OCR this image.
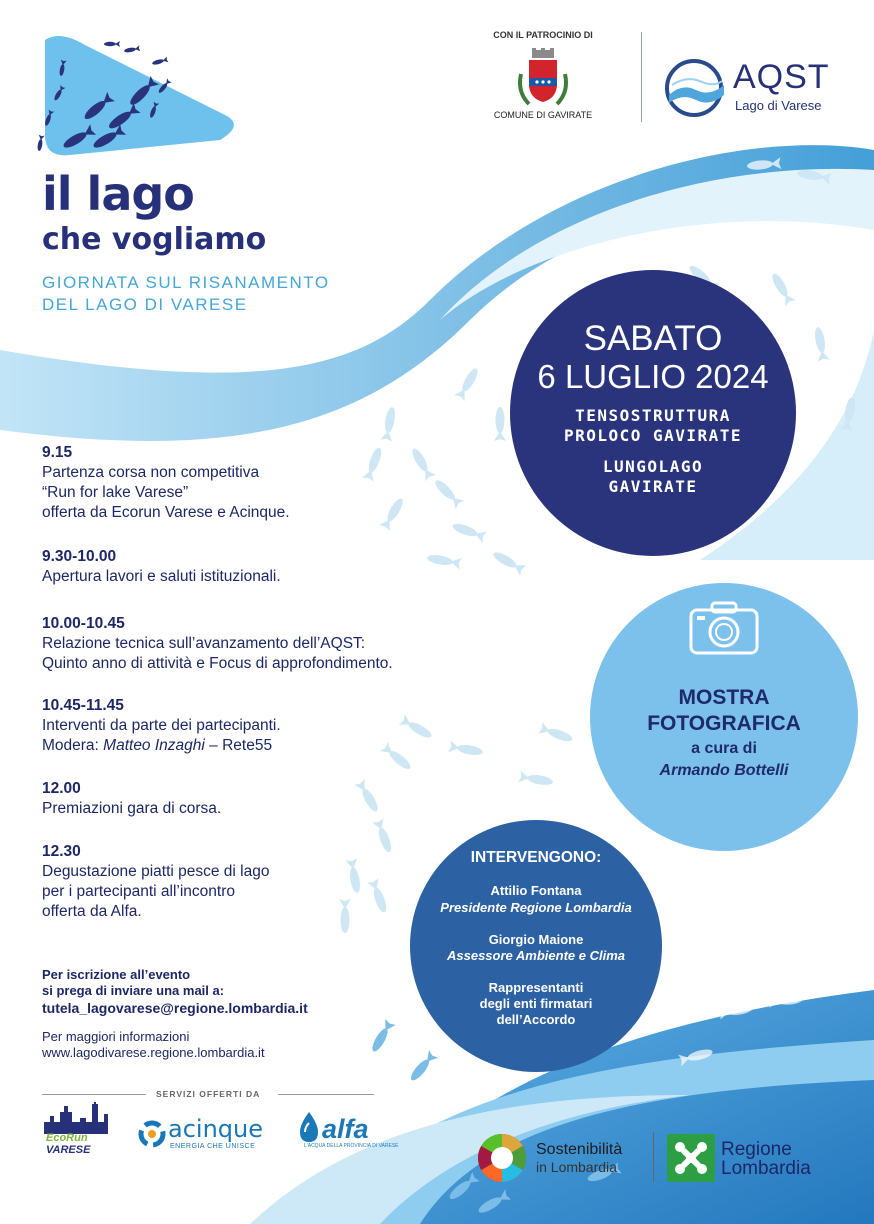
il lago
che vogliamo
GIORNATA SUL RISANAMENTO
DEL LAGO DI VARESE
CON IL PATROCINIO DI
COMUNE DI GAVIRATE
AQST
Lago di Varese
SABATO
6 LUGLIO 2024
TENSOSTRUTTURA
PROLOCO GAVIRATE
LUNGOLAGO
GAVIRATE
MOSTRA
FOTOGRAFICA
a cura di
Armando Bottelli
INTERVENGONO:
Attilio Fontana
Presidente Regione Lombardia
Giorgio Maione
Assessore Ambiente e Clima
Rappresentanti
degli enti firmatari
dell’Accordo
9.15
Partenza corsa non competitiva
“Run for lake Varese”
offerta da Ecorun Varese e Acinque.
9.30-10.00
Apertura lavori e saluti istituzionali.
10.00-10.45
Relazione tecnica sull’avanzamento dell’AQST:
Quinto anno di attività e Focus di approfondimento.
10.45-11.45
Interventi da parte dei partecipanti.
Modera: Matteo Inzaghi – Rete55
12.00
Premiazioni gara di corsa.
12.30
Degustazione piatti pesce di lago
per i partecipanti all’incontro
offerta da Alfa.
Per iscrizione all’evento
si prega di inviare una mail a:
tutela_lagovarese@regione.lombardia.it
Per maggiori informazioni
www.lagodivarese.regione.lombardia.it
SERVIZI OFFERTI DA
EcoRun
VARESE
acinque
ENERGIA CHE UNISCE
alfa
L'ACQUA DELLA PROVINCIA DI VARESE	Sostenibilità
in Lombardia
Regione
Lombardia
